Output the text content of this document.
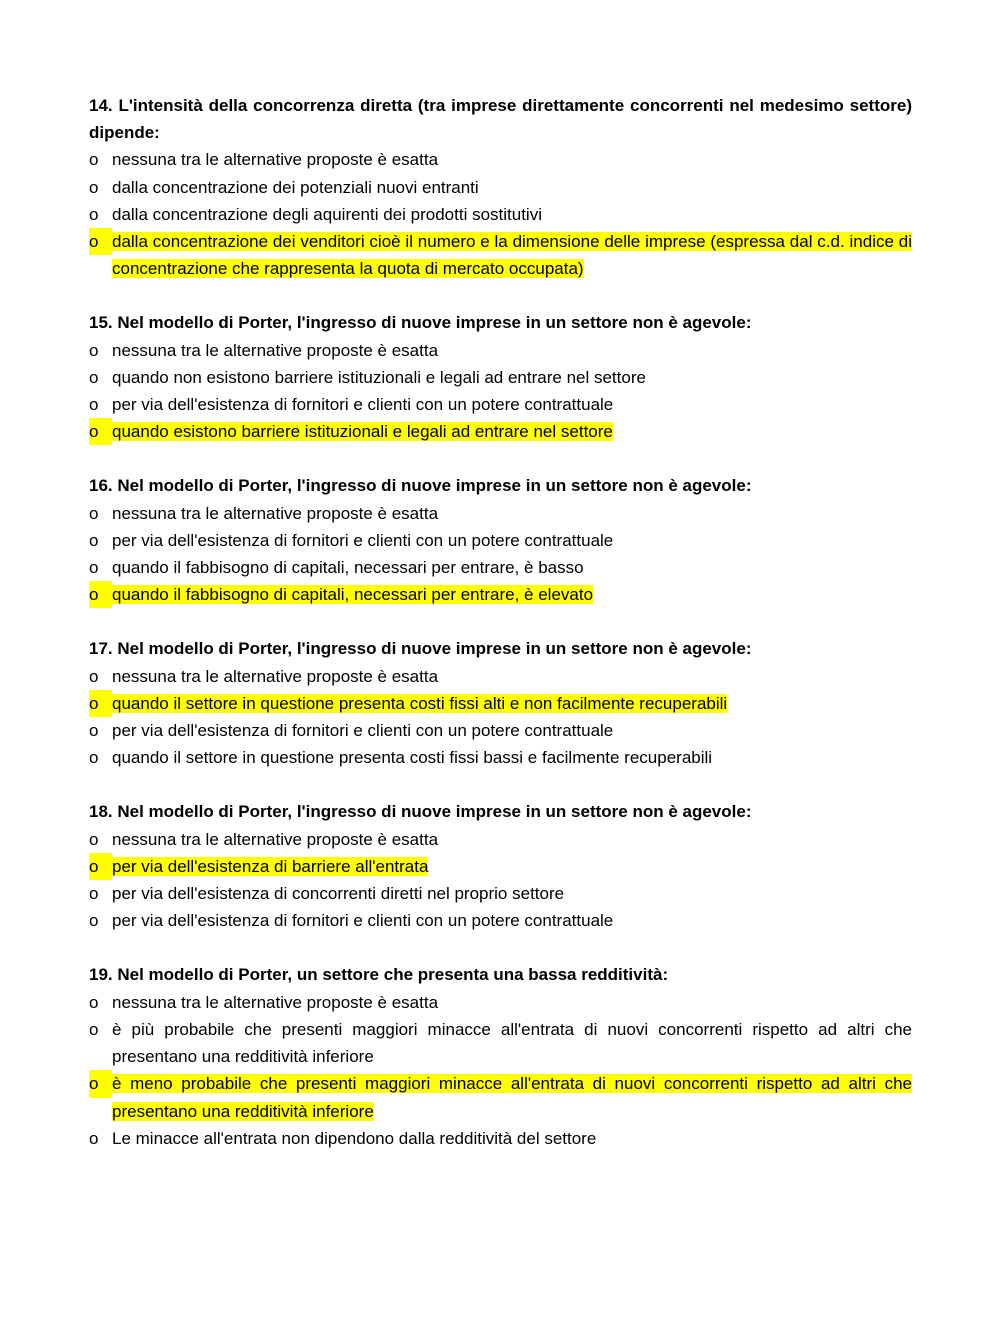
14. L'intensità della concorrenza diretta (tra imprese direttamente concorrenti nel medesimo settore) dipende:

o nessuna tra le alternative proposte è esatta
o dalla concentrazione dei potenziali nuovi entranti
o dalla concentrazione degli aquirenti dei prodotti sostitutivi
o dalla concentrazione dei venditori cioè il numero e la dimensione delle imprese (espressa dal c.d. indice di concentrazione che rappresenta la quota di mercato occupata)

15. Nel modello di Porter, l'ingresso di nuove imprese in un settore non è agevole:

o nessuna tra le alternative proposte è esatta
o quando non esistono barriere istituzionali e legali ad entrare nel settore
o per via dell'esistenza di fornitori e clienti con un potere contrattuale
o quando esistono barriere istituzionali e legali ad entrare nel settore

16. Nel modello di Porter, l'ingresso di nuove imprese in un settore non è agevole:

o nessuna tra le alternative proposte è esatta
o per via dell'esistenza di fornitori e clienti con un potere contrattuale
o quando il fabbisogno di capitali, necessari per entrare, è basso
o quando il fabbisogno di capitali, necessari per entrare, è elevato

17. Nel modello di Porter, l'ingresso di nuove imprese in un settore non è agevole:

o nessuna tra le alternative proposte è esatta
o quando il settore in questione presenta costi fissi alti e non facilmente recuperabili
o per via dell'esistenza di fornitori e clienti con un potere contrattuale
o quando il settore in questione presenta costi fissi bassi e facilmente recuperabili

18. Nel modello di Porter, l'ingresso di nuove imprese in un settore non è agevole:

o nessuna tra le alternative proposte è esatta
o per via dell'esistenza di barriere all'entrata
o per via dell'esistenza di concorrenti diretti nel proprio settore
o per via dell'esistenza di fornitori e clienti con un potere contrattuale

19. Nel modello di Porter, un settore che presenta una bassa redditività:

o nessuna tra le alternative proposte è esatta
o è più probabile che presenti maggiori minacce all'entrata di nuovi concorrenti rispetto ad altri che presentano una redditività inferiore
o è meno probabile che presenti maggiori minacce all'entrata di nuovi concorrenti rispetto ad altri che presentano una redditività inferiore
o Le minacce all'entrata non dipendono dalla redditività del settore
